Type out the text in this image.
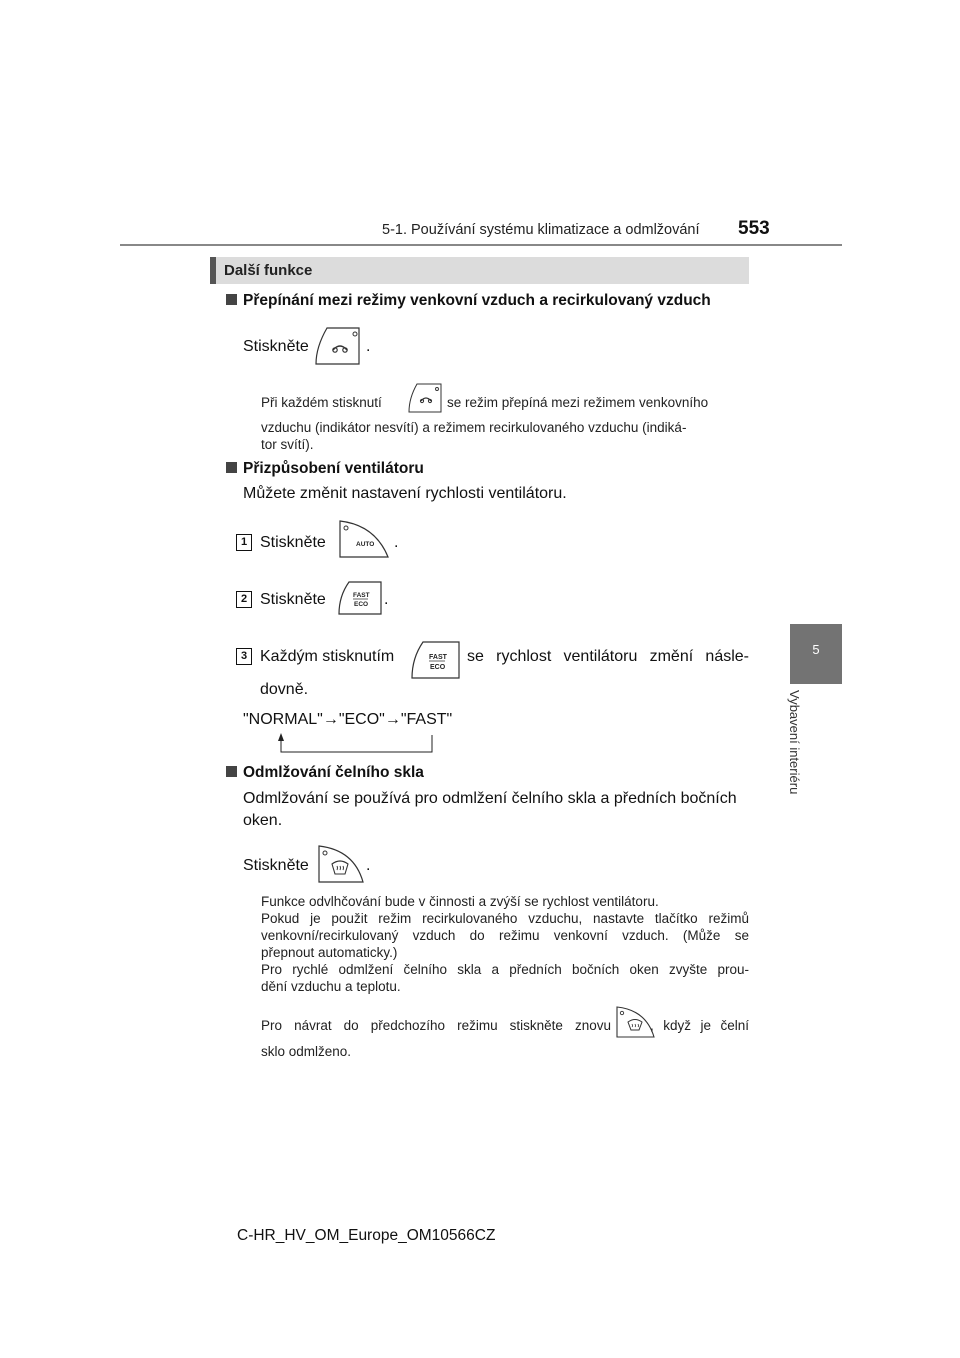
5-1. Používání systému klimatizace a odmlžování 553
5
Vybavení interiéru
Další funkce
Přepínání mezi režimy venkovní vzduch a recirkulovaný vzduch
Stiskněte	.
Při každém stisknutí	se režim přepíná mezi režimem venkovního
vzduchu (indikátor nesvítí) a režimem recirkulovaného vzduchu (indiká-
tor svítí).
Přizpůsobení ventilátoru
Můžete změnit nastavení rychlosti ventilátoru.
1 Stiskněte	AUTO .
2 Stiskněte	FAST
ECO .
3 Každým stisknutím	FAST
ECO
se rychlost ventilátoru změní násle-
dovně.
"NORMAL"→"ECO"→"FAST"
Odmlžování čelního skla
Odmlžování se používá pro odmlžení čelního skla a předních bočních
oken.
Stiskněte	.
Funkce odvlhčování bude v činnosti a zvýší se rychlost ventilátoru.
Pokud je použit režim recirkulovaného vzduchu, nastavte tlačítko režimů
venkovní/recirkulovaný vzduch do režimu venkovní vzduch. (Může se
přepnout automaticky.)
Pro rychlé odmlžení čelního skla a předních bočních oken zvyšte prou-
dění vzduchu a teplotu.
Pro návrat do předchozího režimu stiskněte znovu	, když je čelní
sklo odmlženo.
C-HR_HV_OM_Europe_OM10566CZ
